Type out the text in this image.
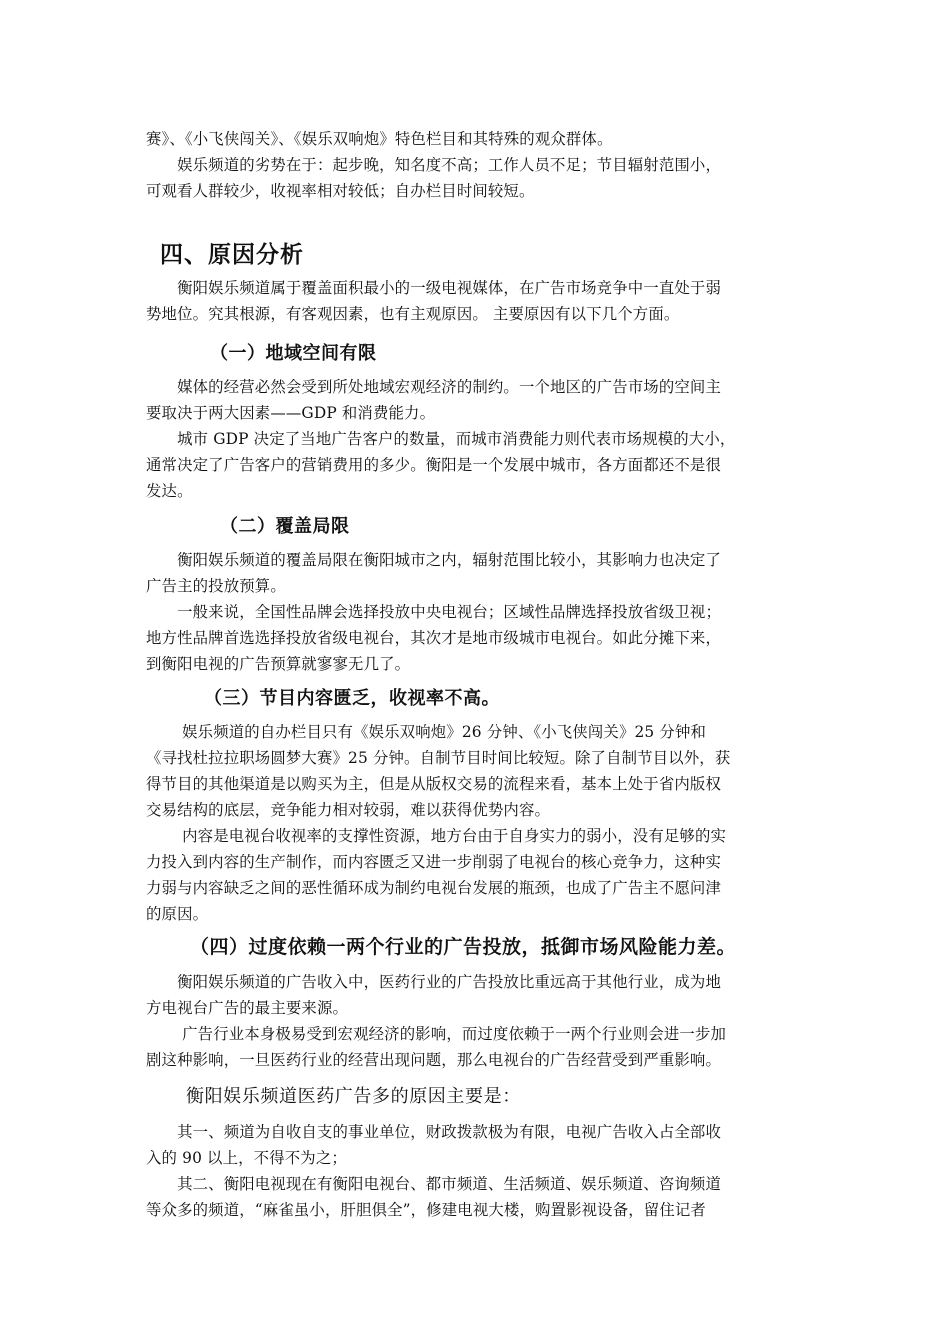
赛》、《小飞侠闯关》、《娱乐双响炮》特色栏目和其特殊的观众群体。
　　娱乐频道的劣势在于：起步晚，知名度不高；工作人员不足；节目辐射范围小，
可观看人群较少，收视率相对较低；自办栏目时间较短。
四、原因分析
　　衡阳娱乐频道属于覆盖面积最小的一级电视媒体，在广告市场竞争中一直处于弱
势地位。究其根源，有客观因素，也有主观原因。 主要原因有以下几个方面。
（一）地域空间有限
　　媒体的经营必然会受到所处地域宏观经济的制约。一个地区的广告市场的空间主
要取决于两大因素——GDP 和消费能力。
　　城市 GDP 决定了当地广告客户的数量，而城市消费能力则代表市场规模的大小，
通常决定了广告客户的营销费用的多少。衡阳是一个发展中城市，各方面都还不是很
发达。
（二）覆盖局限
　　衡阳娱乐频道的覆盖局限在衡阳城市之内，辐射范围比较小，其影响力也决定了
广告主的投放预算。
　　一般来说，全国性品牌会选择投放中央电视台；区域性品牌选择投放省级卫视；
地方性品牌首选选择投放省级电视台，其次才是地市级城市电视台。如此分摊下来，
到衡阳电视的广告预算就寥寥无几了。
（三）节目内容匮乏，收视率不高。
　　 娱乐频道的自办栏目只有《娱乐双响炮》26 分钟、《小飞侠闯关》25 分钟和
《寻找杜拉拉职场圆梦大赛》25 分钟。自制节目时间比较短。除了自制节目以外，获
得节目的其他渠道是以购买为主，但是从版权交易的流程来看，基本上处于省内版权
交易结构的底层，竞争能力相对较弱，难以获得优势内容。
　　 内容是电视台收视率的支撑性资源，地方台由于自身实力的弱小，没有足够的实
力投入到内容的生产制作，而内容匮乏又进一步削弱了电视台的核心竞争力，这种实
力弱与内容缺乏之间的恶性循环成为制约电视台发展的瓶颈，也成了广告主不愿问津
的原因。
（四）过度依赖一两个行业的广告投放，抵御市场风险能力差。
　　衡阳娱乐频道的广告收入中，医药行业的广告投放比重远高于其他行业，成为地
方电视台广告的最主要来源。
　　 广告行业本身极易受到宏观经济的影响，而过度依赖于一两个行业则会进一步加
剧这种影响，一旦医药行业的经营出现问题，那么电视台的广告经营受到严重影响。
衡阳娱乐频道医药广告多的原因主要是：
　　其一、频道为自收自支的事业单位，财政拨款极为有限，电视广告收入占全部收
入的 90 以上，不得不为之；
　　其二、衡阳电视现在有衡阳电视台、都市频道、生活频道、娱乐频道、咨询频道
等众多的频道，“麻雀虽小，肝胆俱全”，修建电视大楼，购置影视设备，留住记者
